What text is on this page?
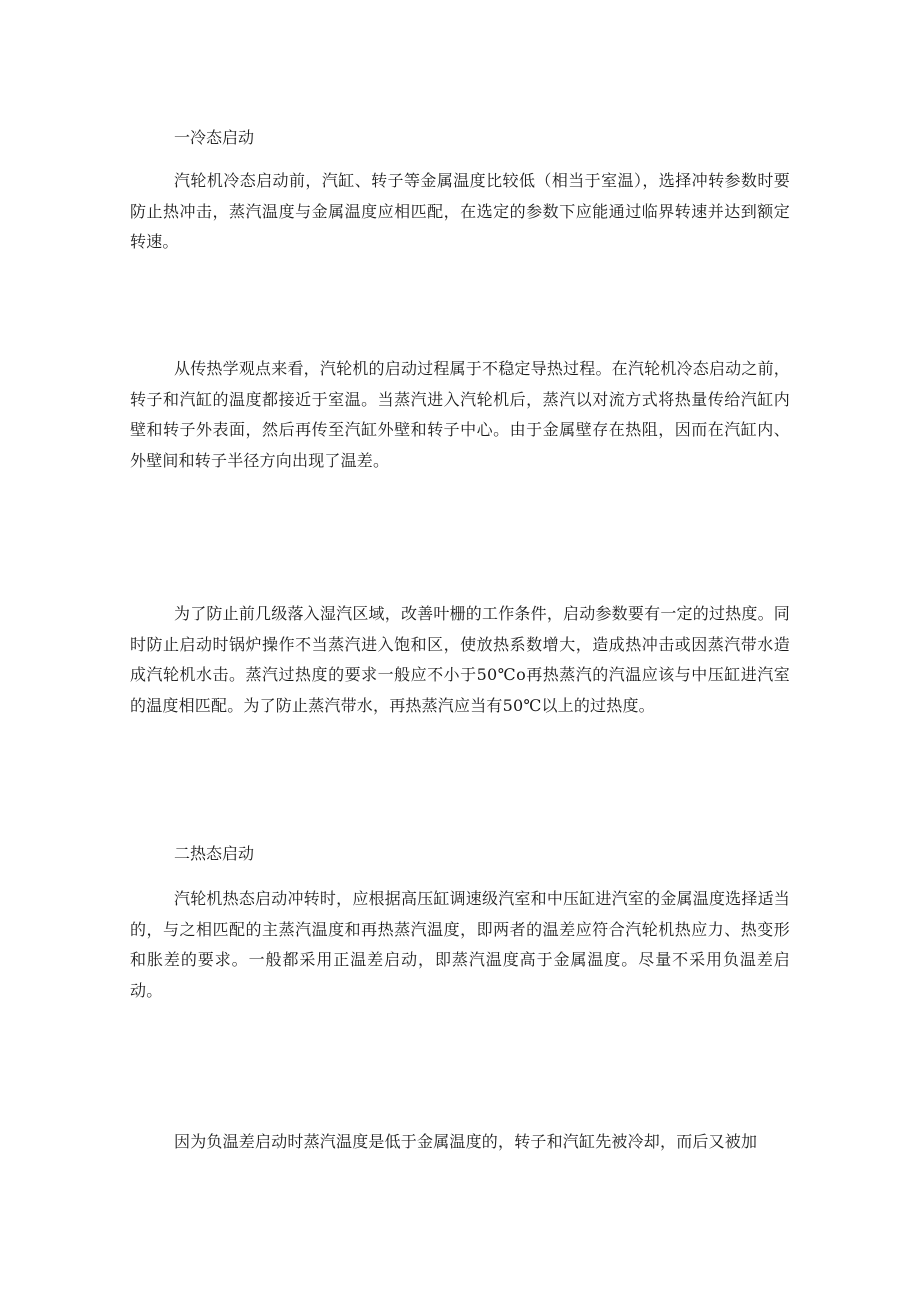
一冷态启动

汽轮机冷态启动前，汽缸、转子等金属温度比较低（相当于室温），选择冲转参数时要防止热冲击，蒸汽温度与金属温度应相匹配，在选定的参数下应能通过临界转速并达到额定转速。

从传热学观点来看，汽轮机的启动过程属于不稳定导热过程。在汽轮机冷态启动之前，转子和汽缸的温度都接近于室温。当蒸汽进入汽轮机后，蒸汽以对流方式将热量传给汽缸内壁和转子外表面，然后再传至汽缸外壁和转子中心。由于金属壁存在热阻，因而在汽缸内、外壁间和转子半径方向出现了温差。

为了防止前几级落入湿汽区域，改善叶栅的工作条件，启动参数要有一定的过热度。同时防止启动时锅炉操作不当蒸汽进入饱和区，使放热系数增大，造成热冲击或因蒸汽带水造成汽轮机水击。蒸汽过热度的要求一般应不小于50℃o再热蒸汽的汽温应该与中压缸进汽室的温度相匹配。为了防止蒸汽带水，再热蒸汽应当有50℃以上的过热度。

二热态启动

汽轮机热态启动冲转时，应根据高压缸调速级汽室和中压缸进汽室的金属温度选择适当的，与之相匹配的主蒸汽温度和再热蒸汽温度，即两者的温差应符合汽轮机热应力、热变形和胀差的要求。一般都采用正温差启动，即蒸汽温度高于金属温度。尽量不采用负温差启动。

因为负温差启动时蒸汽温度是低于金属温度的，转子和汽缸先被冷却，而后又被加
